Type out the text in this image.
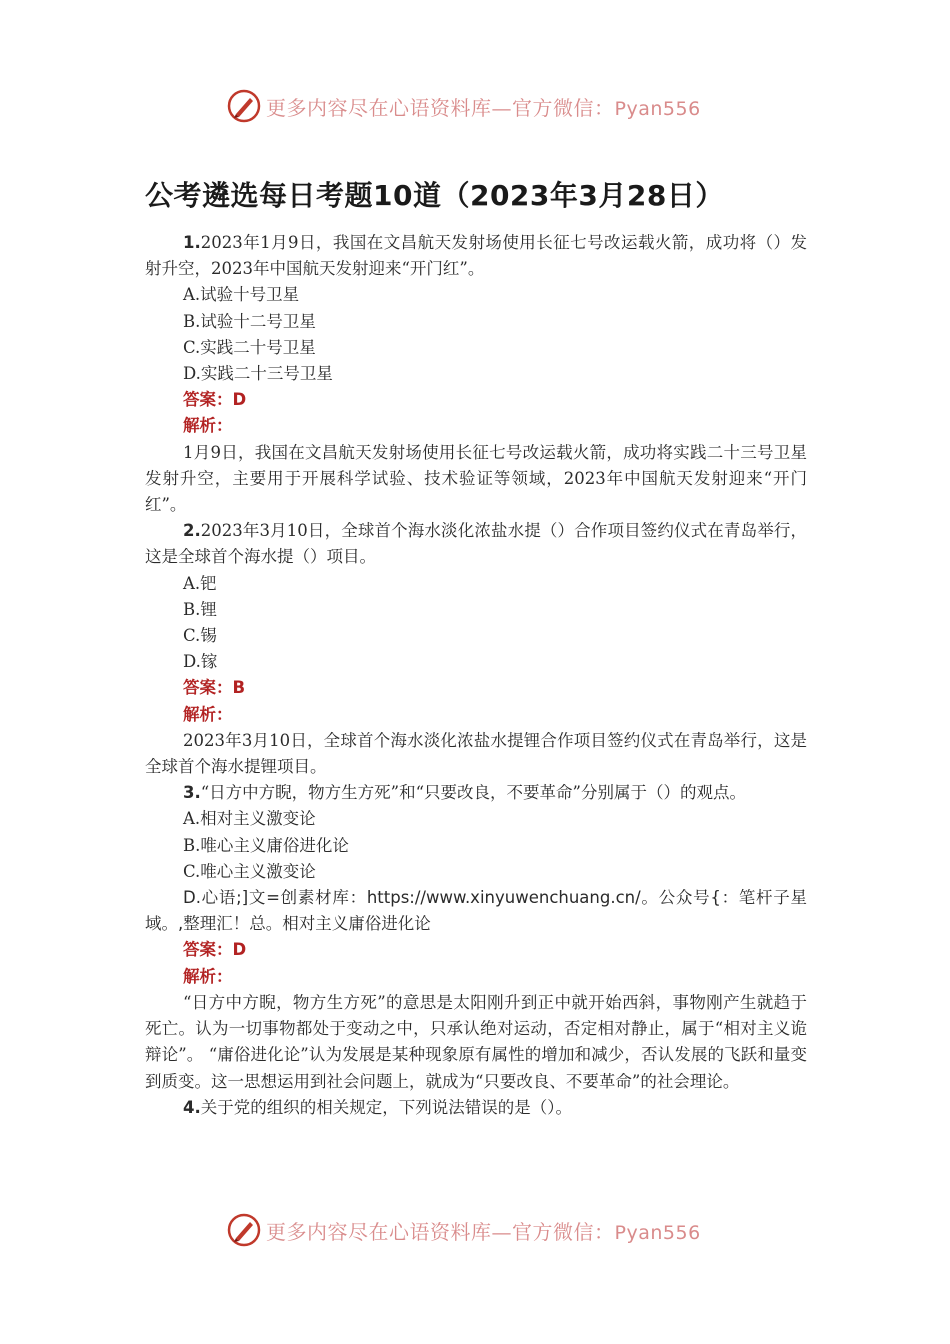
更多内容尽在心语资料库—官方微信：Pyan556
公考遴选每日考题10道（2023年3月28日）

1.2023年1月9日，我国在文昌航天发射场使用长征七号改运载火箭，成功将（）发射升空，2023年中国航天发射迎来“开门红”。

A.试验十号卫星

B.试验十二号卫星

C.实践二十号卫星

D.实践二十三号卫星

答案：D

解析：

1月9日，我国在文昌航天发射场使用长征七号改运载火箭，成功将实践二十三号卫星发射升空，主要用于开展科学试验、技术验证等领域，2023年中国航天发射迎来“开门红”。

2.2023年3月10日，全球首个海水淡化浓盐水提（）合作项目签约仪式在青岛举行，这是全球首个海水提（）项目。

A.钯

B.锂

C.锡

D.镓

答案：B

解析：

2023年3月10日，全球首个海水淡化浓盐水提锂合作项目签约仪式在青岛举行，这是全球首个海水提锂项目。

3.“日方中方睨，物方生方死”和“只要改良，不要革命”分别属于（）的观点。

A.相对主义激变论

B.唯心主义庸俗进化论

C.唯心主义激变论

D.心语;]文=创素材库：https://www.xinyuwenchuang.cn/。公众号{：笔杆子星域。,整理汇！总。相对主义庸俗进化论

答案：D

解析：

“日方中方睨，物方生方死”的意思是太阳刚升到正中就开始西斜，事物刚产生就趋于死亡。认为一切事物都处于变动之中，只承认绝对运动，否定相对静止，属于“相对主义诡辩论”。 “庸俗进化论”认为发展是某种现象原有属性的增加和减少，否认发展的飞跃和量变到质变。这一思想运用到社会问题上，就成为“只要改良、不要革命”的社会理论。

4.关于党的组织的相关规定，下列说法错误的是（）。

更多内容尽在心语资料库—官方微信：Pyan556
